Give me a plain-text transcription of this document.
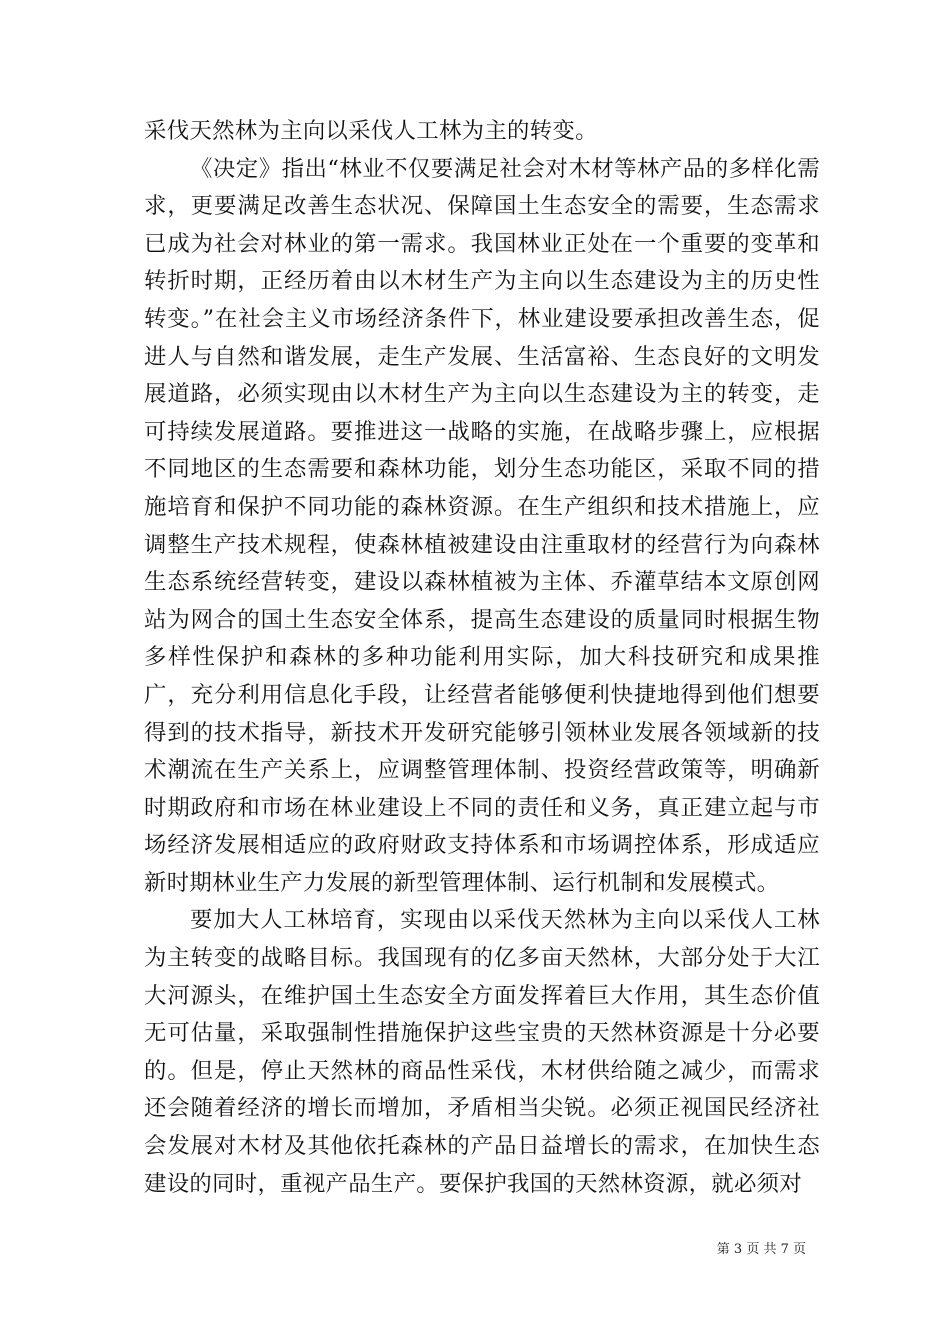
采伐天然林为主向以采伐人工林为主的转变。

《决定》指出“林业不仅要满足社会对木材等林产品的多样化需求，更要满足改善生态状况、保障国土生态安全的需要，生态需求已成为社会对林业的第一需求。我国林业正处在一个重要的变革和转折时期，正经历着由以木材生产为主向以生态建设为主的历史性转变。”在社会主义市场经济条件下，林业建设要承担改善生态，促进人与自然和谐发展，走生产发展、生活富裕、生态良好的文明发展道路，必须实现由以木材生产为主向以生态建设为主的转变，走可持续发展道路。要推进这一战略的实施，在战略步骤上，应根据不同地区的生态需要和森林功能，划分生态功能区，采取不同的措施培育和保护不同功能的森林资源。在生产组织和技术措施上，应调整生产技术规程，使森林植被建设由注重取材的经营行为向森林生态系统经营转变，建设以森林植被为主体、乔灌草结本文原创网站为网合的国土生态安全体系，提高生态建设的质量同时根据生物多样性保护和森林的多种功能利用实际，加大科技研究和成果推广，充分利用信息化手段，让经营者能够便利快捷地得到他们想要得到的技术指导，新技术开发研究能够引领林业发展各领域新的技术潮流在生产关系上，应调整管理体制、投资经营政策等，明确新时期政府和市场在林业建设上不同的责任和义务，真正建立起与市场经济发展相适应的政府财政支持体系和市场调控体系，形成适应新时期林业生产力发展的新型管理体制、运行机制和发展模式。

要加大人工林培育，实现由以采伐天然林为主向以采伐人工林为主转变的战略目标。我国现有的亿多亩天然林，大部分处于大江大河源头，在维护国土生态安全方面发挥着巨大作用，其生态价值无可估量，采取强制性措施保护这些宝贵的天然林资源是十分必要的。但是，停止天然林的商品性采伐，木材供给随之减少，而需求还会随着经济的增长而增加，矛盾相当尖锐。必须正视国民经济社会发展对木材及其他依托森林的产品日益增长的需求，在加快生态建设的同时，重视产品生产。要保护我国的天然林资源，就必须对

第 3 页 共 7 页
